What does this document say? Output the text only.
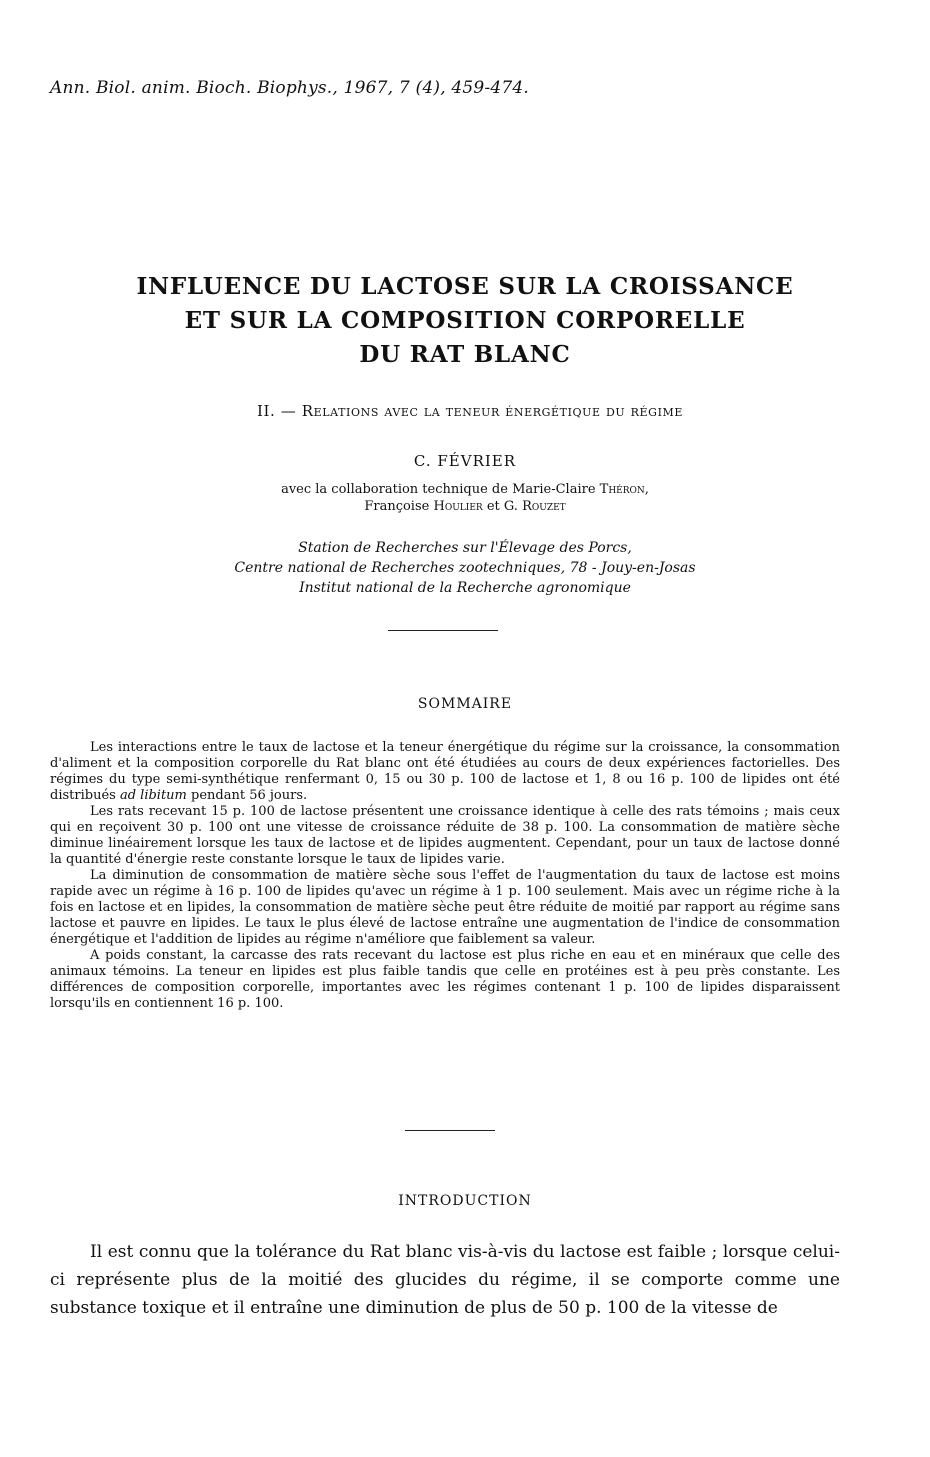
Ann. Biol. anim. Bioch. Biophys., 1967, 7 (4), 459-474.
INFLUENCE DU LACTOSE SUR LA CROISSANCE
ET SUR LA COMPOSITION CORPORELLE
DU RAT BLANC
II. — Relations avec la teneur énergétique du régime
C. FÉVRIER
avec la collaboration technique de Marie-Claire Théron,
Françoise Houlier et G. Rouzet
Station de Recherches sur l'Élevage des Porcs,
Centre national de Recherches zootechniques, 78 - Jouy-en-Josas
Institut national de la Recherche agronomique
SOMMAIRE

Les interactions entre le taux de lactose et la teneur énergétique du régime sur la croissance, la consommation d'aliment et la composition corporelle du Rat blanc ont été étudiées au cours de deux expériences factorielles. Des régimes du type semi-synthétique renfermant 0, 15 ou 30 p. 100 de lactose et 1, 8 ou 16 p. 100 de lipides ont été distribués ad libitum pendant 56 jours.

Les rats recevant 15 p. 100 de lactose présentent une croissance identique à celle des rats témoins ; mais ceux qui en reçoivent 30 p. 100 ont une vitesse de croissance réduite de 38 p. 100. La consommation de matière sèche diminue linéairement lorsque les taux de lactose et de lipides augmentent. Cependant, pour un taux de lactose donné la quantité d'énergie reste constante lorsque le taux de lipides varie.

La diminution de consommation de matière sèche sous l'effet de l'augmentation du taux de lactose est moins rapide avec un régime à 16 p. 100 de lipides qu'avec un régime à 1 p. 100 seulement. Mais avec un régime riche à la fois en lactose et en lipides, la consommation de matière sèche peut être réduite de moitié par rapport au régime sans lactose et pauvre en lipides. Le taux le plus élevé de lactose entraîne une augmentation de l'indice de consommation énergétique et l'addition de lipides au régime n'améliore que faiblement sa valeur.

A poids constant, la carcasse des rats recevant du lactose est plus riche en eau et en minéraux que celle des animaux témoins. La teneur en lipides est plus faible tandis que celle en protéines est à peu près constante. Les différences de composition corporelle, importantes avec les régimes contenant 1 p. 100 de lipides disparaissent lorsqu'ils en contiennent 16 p. 100.

INTRODUCTION

Il est connu que la tolérance du Rat blanc vis-à-vis du lactose est faible ; lorsque celui-ci représente plus de la moitié des glucides du régime, il se comporte comme une substance toxique et il entraîne une diminution de plus de 50 p. 100 de la vitesse de
